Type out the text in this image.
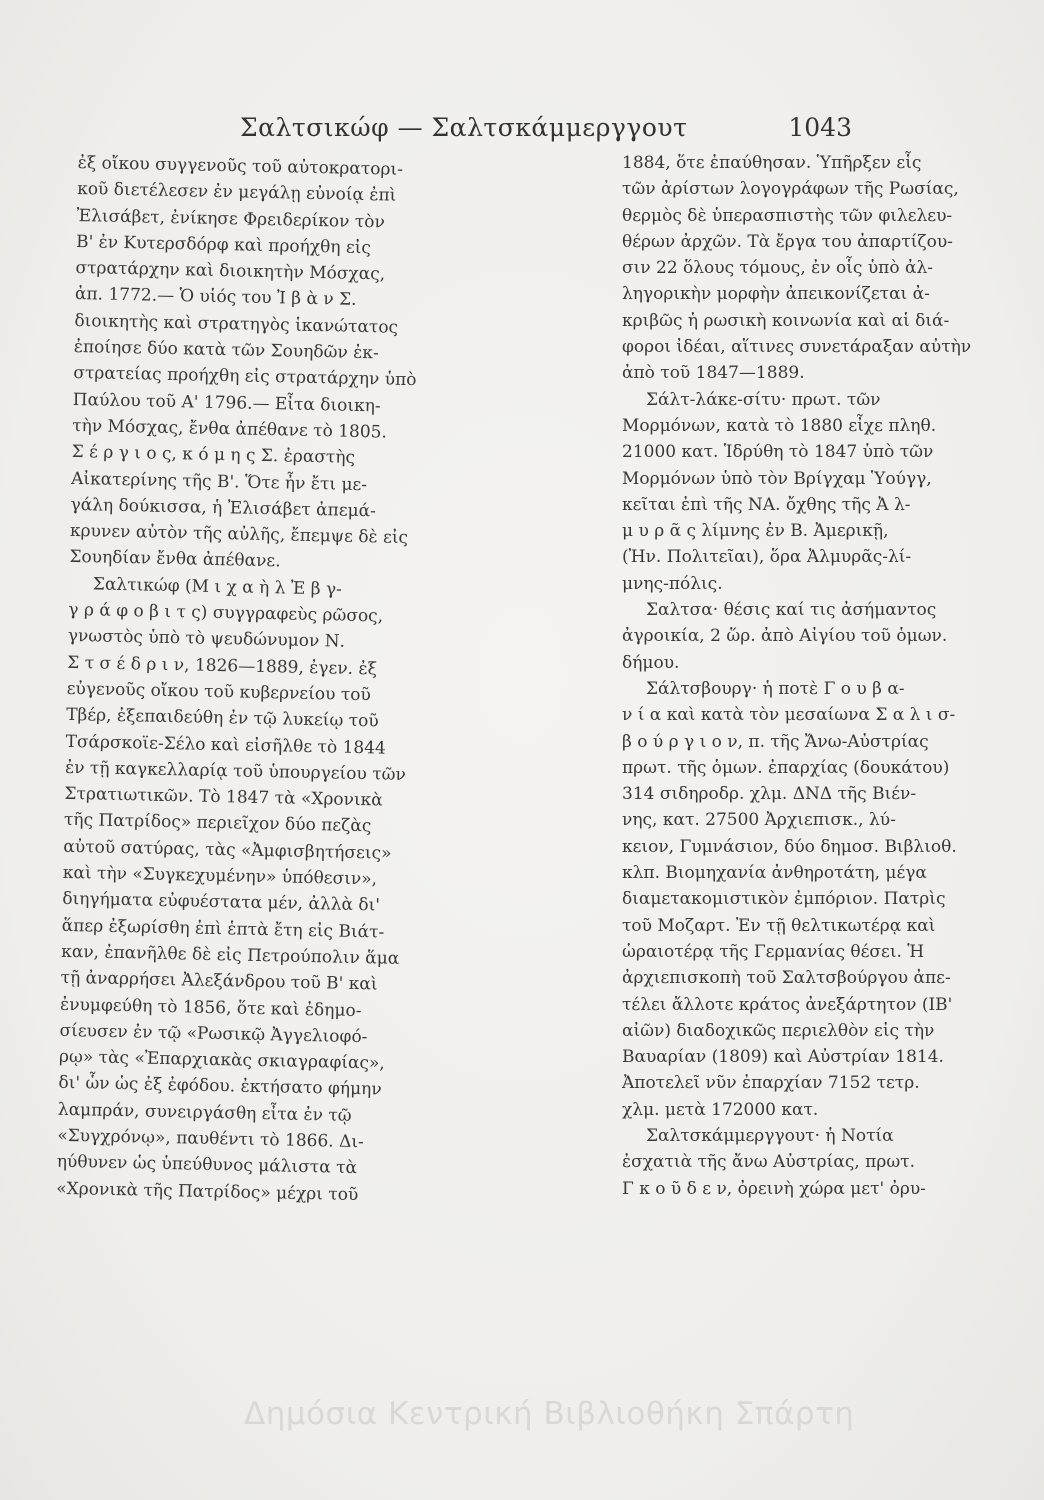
Σαλτσικώφ — Σαλτσκάμμεργγουτ	1043
ἐξ οἴκου συγγενοῦς τοῦ αὐτοκρατορι-
κοῦ διετέλεσεν ἐν μεγάλῃ εὐνοίᾳ ἐπὶ
Ἐλισάβετ, ἐνίκησε Φρειδερίκον τὸν
Β' ἐν Κυτερσδόρφ καὶ προήχθη εἰς
στρατάρχην καὶ διοικητὴν Μόσχας,
ἀπ. 1772.— Ὁ υἱός του Ἰ β ὰ ν Σ.
διοικητὴς καὶ στρατηγὸς ἱκανώτατος
ἐποίησε δύο κατὰ τῶν Σουηδῶν ἐκ-
στρατείας προήχθη εἰς στρατάρχην ὑπὸ
Παύλου τοῦ Α' 1796.— Εἶτα διοικη-
τὴν Μόσχας, ἔνθα ἀπέθανε τὸ 1805.
Σ έ ρ γ ι ο ς, κ ό μ η ς Σ. ἐραστὴς
Αἰκατερίνης τῆς Β'. Ὅτε ἦν ἔτι με-
γάλη δούκισσα, ἡ Ἐλισάβετ ἀπεμά-
κρυνεν αὐτὸν τῆς αὐλῆς, ἔπεμψε δὲ εἰς
Σουηδίαν ἔνθα ἀπέθανε.
Σαλτικώφ (Μ ι χ α ὴ λ Ἐ β γ-
γ ρ ά φ ο β ι τ ς) συγγραφεὺς ρῶσος,
γνωστὸς ὑπὸ τὸ ψευδώνυμον Ν.
Σ τ σ έ δ ρ ι ν, 1826—1889, ἐγεν. ἐξ
εὐγενοῦς οἴκου τοῦ κυβερνείου τοῦ
Τβέρ, ἐξεπαιδεύθη ἐν τῷ λυκείῳ τοῦ
Τσάρσκοϊε-Σέλο καὶ εἰσῆλθε τὸ 1844
ἐν τῇ καγκελλαρίᾳ τοῦ ὑπουργείου τῶν
Στρατιωτικῶν. Τὸ 1847 τὰ «Χρονικὰ
τῆς Πατρίδος» περιεῖχον δύο πεζὰς
αὐτοῦ σατύρας, τὰς «Ἀμφισβητήσεις»
καὶ τὴν «Συγκεχυμένην» ὑπόθεσιν»,
διηγήματα εὐφυέστατα μέν, ἀλλὰ δι'
ἅπερ ἐξωρίσθη ἐπὶ ἑπτὰ ἔτη εἰς Βιάτ-
καν, ἐπανῆλθε δὲ εἰς Πετρούπολιν ἅμα
τῇ ἀναρρήσει Ἀλεξάνδρου τοῦ Β' καὶ
ἐνυμφεύθη τὸ 1856, ὅτε καὶ ἐδημο-
σίευσεν ἐν τῷ «Ρωσικῷ Ἀγγελιοφό-
ρῳ» τὰς «Ἐπαρχιακὰς σκιαγραφίας»,
δι' ὧν ὡς ἐξ ἐφόδου. ἐκτήσατο φήμην
λαμπράν, συνειργάσθη εἶτα ἐν τῷ
«Συγχρόνῳ», παυθέντι τὸ 1866. Δι-
ηύθυνεν ὡς ὑπεύθυνος μάλιστα τὰ
«Χρονικὰ τῆς Πατρίδος» μέχρι τοῦ
1884, ὅτε ἐπαύθησαν. Ὑπῆρξεν εἷς
τῶν ἀρίστων λογογράφων τῆς Ρωσίας,
θερμὸς δὲ ὑπερασπιστὴς τῶν φιλελευ-
θέρων ἀρχῶν. Τὰ ἔργα του ἀπαρτίζου-
σιν 22 ὅλους τόμους, ἐν οἷς ὑπὸ ἀλ-
ληγορικὴν μορφὴν ἀπεικονίζεται ἀ-
κριβῶς ἡ ρωσικὴ κοινωνία καὶ αἱ διά-
φοροι ἰδέαι, αἵτινες συνετάραξαν αὐτὴν
ἀπὸ τοῦ 1847—1889.
Σάλτ-λάκε-σίτυ· πρωτ. τῶν
Μορμόνων, κατὰ τὸ 1880 εἶχε πληθ.
21000 κατ. Ἱδρύθη τὸ 1847 ὑπὸ τῶν
Μορμόνων ὑπὸ τὸν Βρίγχαμ Ὑούγγ,
κεῖται ἐπὶ τῆς ΝΑ. ὄχθης τῆς Ἀ λ-
μ υ ρ ᾶ ς λίμνης ἐν Β. Ἀμερικῇ,
(Ἠν. Πολιτεῖαι), ὅρα Ἀλμυρᾶς-λί-
μνης-πόλις.
Σαλτσα· θέσις καί τις ἀσήμαντος
ἀγροικία, 2 ὥρ. ἀπὸ Αἰγίου τοῦ ὁμων.
δήμου.
Σάλτσβουργ· ἡ ποτὲ Γ ο υ β α-
ν ί α καὶ κατὰ τὸν μεσαίωνα Σ α λ ι σ-
β ο ύ ρ γ ι ο ν, π. τῆς Ἄνω-Αὐστρίας
πρωτ. τῆς ὁμων. ἐπαρχίας (δουκάτου)
314 σιδηροδρ. χλμ. ΔΝΔ τῆς Βιέν-
νης, κατ. 27500 Ἀρχιεπισκ., λύ-
κειον, Γυμνάσιον, δύο δημοσ. Βιβλιοθ.
κλπ. Βιομηχανία ἀνθηροτάτη, μέγα
διαμετακομιστικὸν ἐμπόριον. Πατρὶς
τοῦ Μοζαρτ. Ἐν τῇ θελτικωτέρᾳ καὶ
ὡραιοτέρᾳ τῆς Γερμανίας θέσει. Ἡ
ἀρχιεπισκοπὴ τοῦ Σαλτσβούργου ἀπε-
τέλει ἄλλοτε κράτος ἀνεξάρτητον (ΙΒ'
αἰῶν) διαδοχικῶς περιελθὸν εἰς τὴν
Βαυαρίαν (1809) καὶ Αὐστρίαν 1814.
Ἀποτελεῖ νῦν ἐπαρχίαν 7152 τετρ.
χλμ. μετὰ 172000 κατ.
Σαλτσκάμμεργγουτ· ἡ Νοτία
ἐσχατιὰ τῆς ἄνω Αὐστρίας, πρωτ.
Γ κ ο ῦ δ ε ν, ὀρεινὴ χώρα μετ' ὀρυ-
Δημόσια Κεντρική Βιβλιοθήκη Σπάρτη
